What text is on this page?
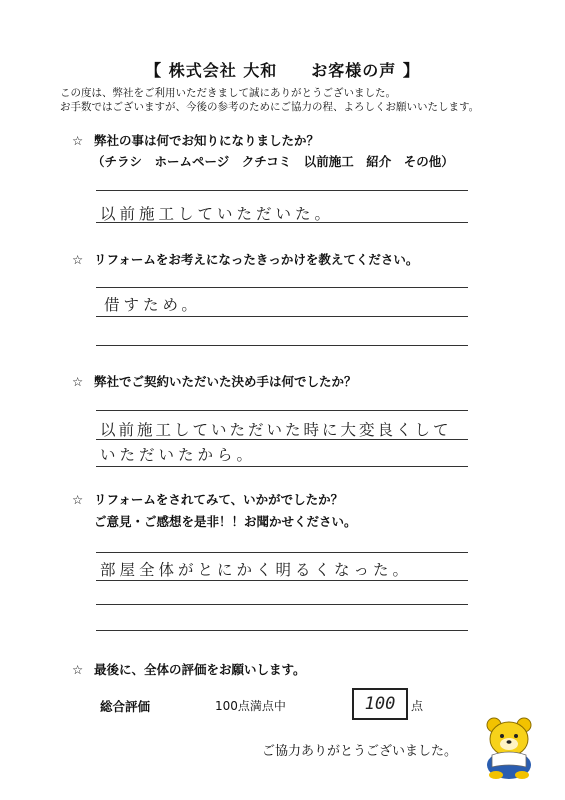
【 株式会社 大和　　お客様の声 】
この度は、弊社をご利用いただきまして誠にありがとうございました。
お手数ではございますが、今後の参考のためにご協力の程、よろしくお願いいたします。
☆ 弊社の事は何でお知りになりましたか？
（チラシ　ホームページ　クチコミ　以前施工　紹介　その他）
以前施工していただいた。
☆ リフォームをお考えになったきっかけを教えてください。
借すため。
☆ 弊社でご契約いただいた決め手は何でしたか？
以前施工していただいた時に大変良くして
いただいたから。
☆ リフォームをされてみて、いかがでしたか？
ご意見・ご感想を是非！！お聞かせください。
部屋全体がとにかく明るくなった。
☆ 最後に、全体の評価をお願いします。
総合評価	100点満点中	100	点
ご協力ありがとうございました。
